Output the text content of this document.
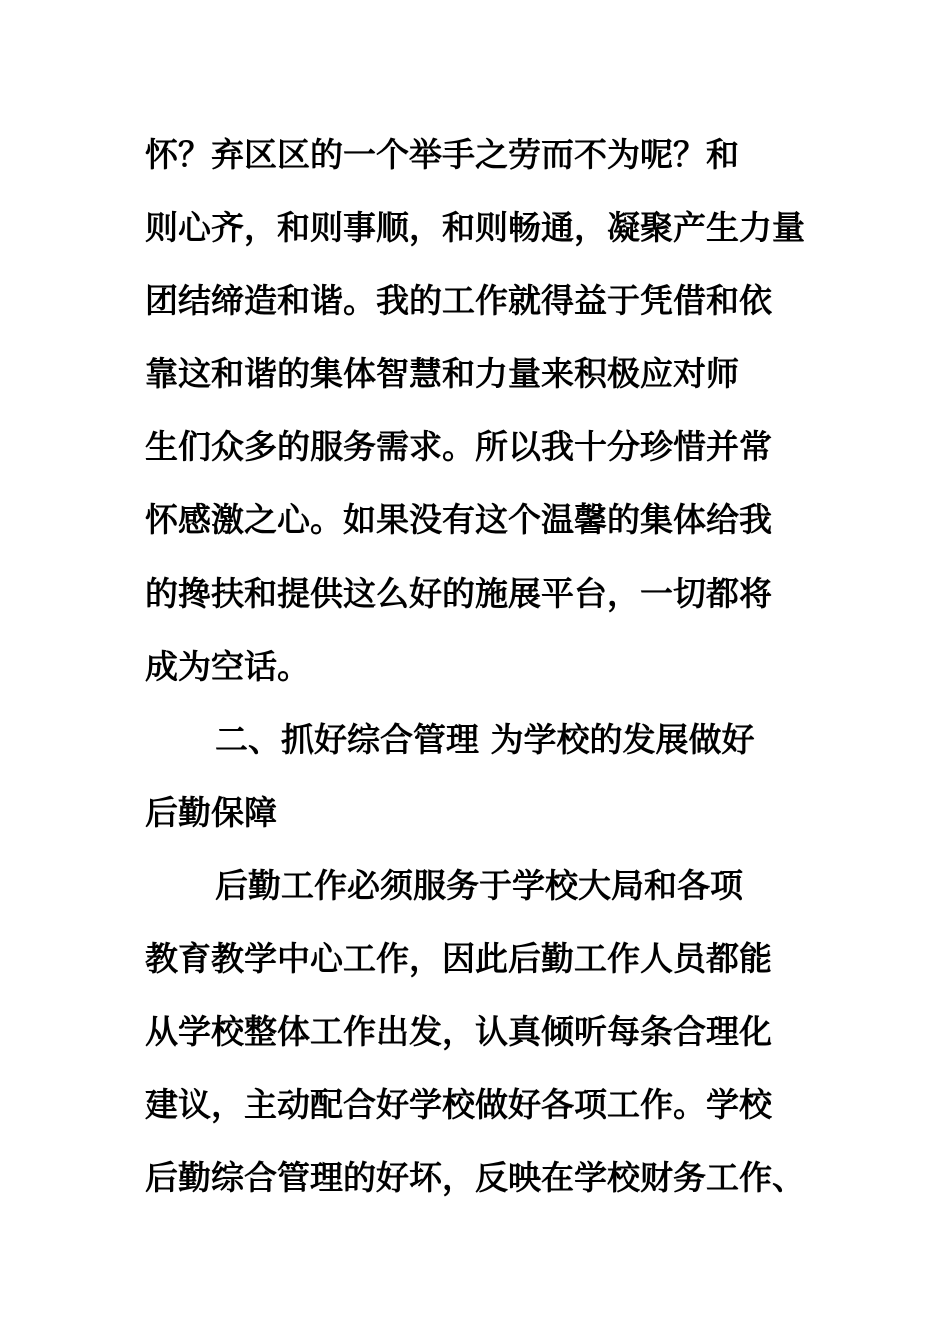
怀？弃区区的一个举手之劳而不为呢？和
则心齐，和则事顺，和则畅通，凝聚产生力量
团结缔造和谐。我的工作就得益于凭借和依
靠这和谐的集体智慧和力量来积极应对师
生们众多的服务需求。所以我十分珍惜并常
怀感激之心。如果没有这个温馨的集体给我
的搀扶和提供这么好的施展平台，一切都将
成为空话。
二、抓好综合管理 为学校的发展做好
后勤保障
后勤工作必须服务于学校大局和各项
教育教学中心工作，因此后勤工作人员都能
从学校整体工作出发，认真倾听每条合理化
建议，主动配合好学校做好各项工作。学校
后勤综合管理的好坏，反映在学校财务工作、
